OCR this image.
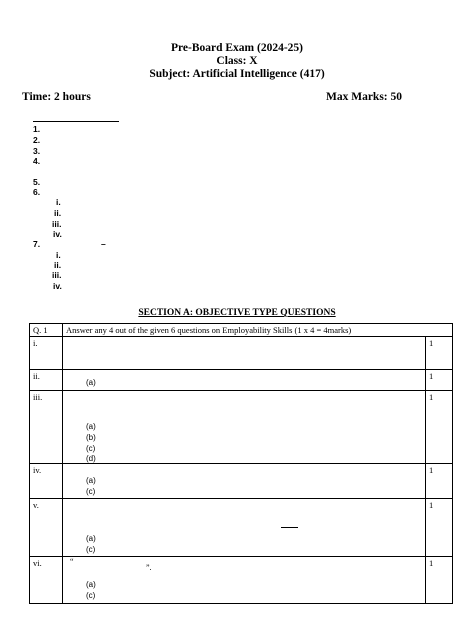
Pre-Board Exam (2024-25)
Class: X
Subject: Artificial Intelligence (417)
Time: 2 hours	Max Marks: 50
1.
2.
3.
4.
5.
6.
i.
ii.
iii.
iv.
7.	–
i.
ii.
iii.
iv.
SECTION A: OBJECTIVE TYPE QUESTIONS
Q. 1	Answer any 4 out of the given 6 questions on Employability Skills (1 x 4 = 4marks)	
i.		1
ii.	(a)	1
iii.	(a)
(b)
(c)
(d)	1
iv.	(a)
(c)	1
v.	(a)
(c)	1
vi.	“
”.
(a)
(c)	1
